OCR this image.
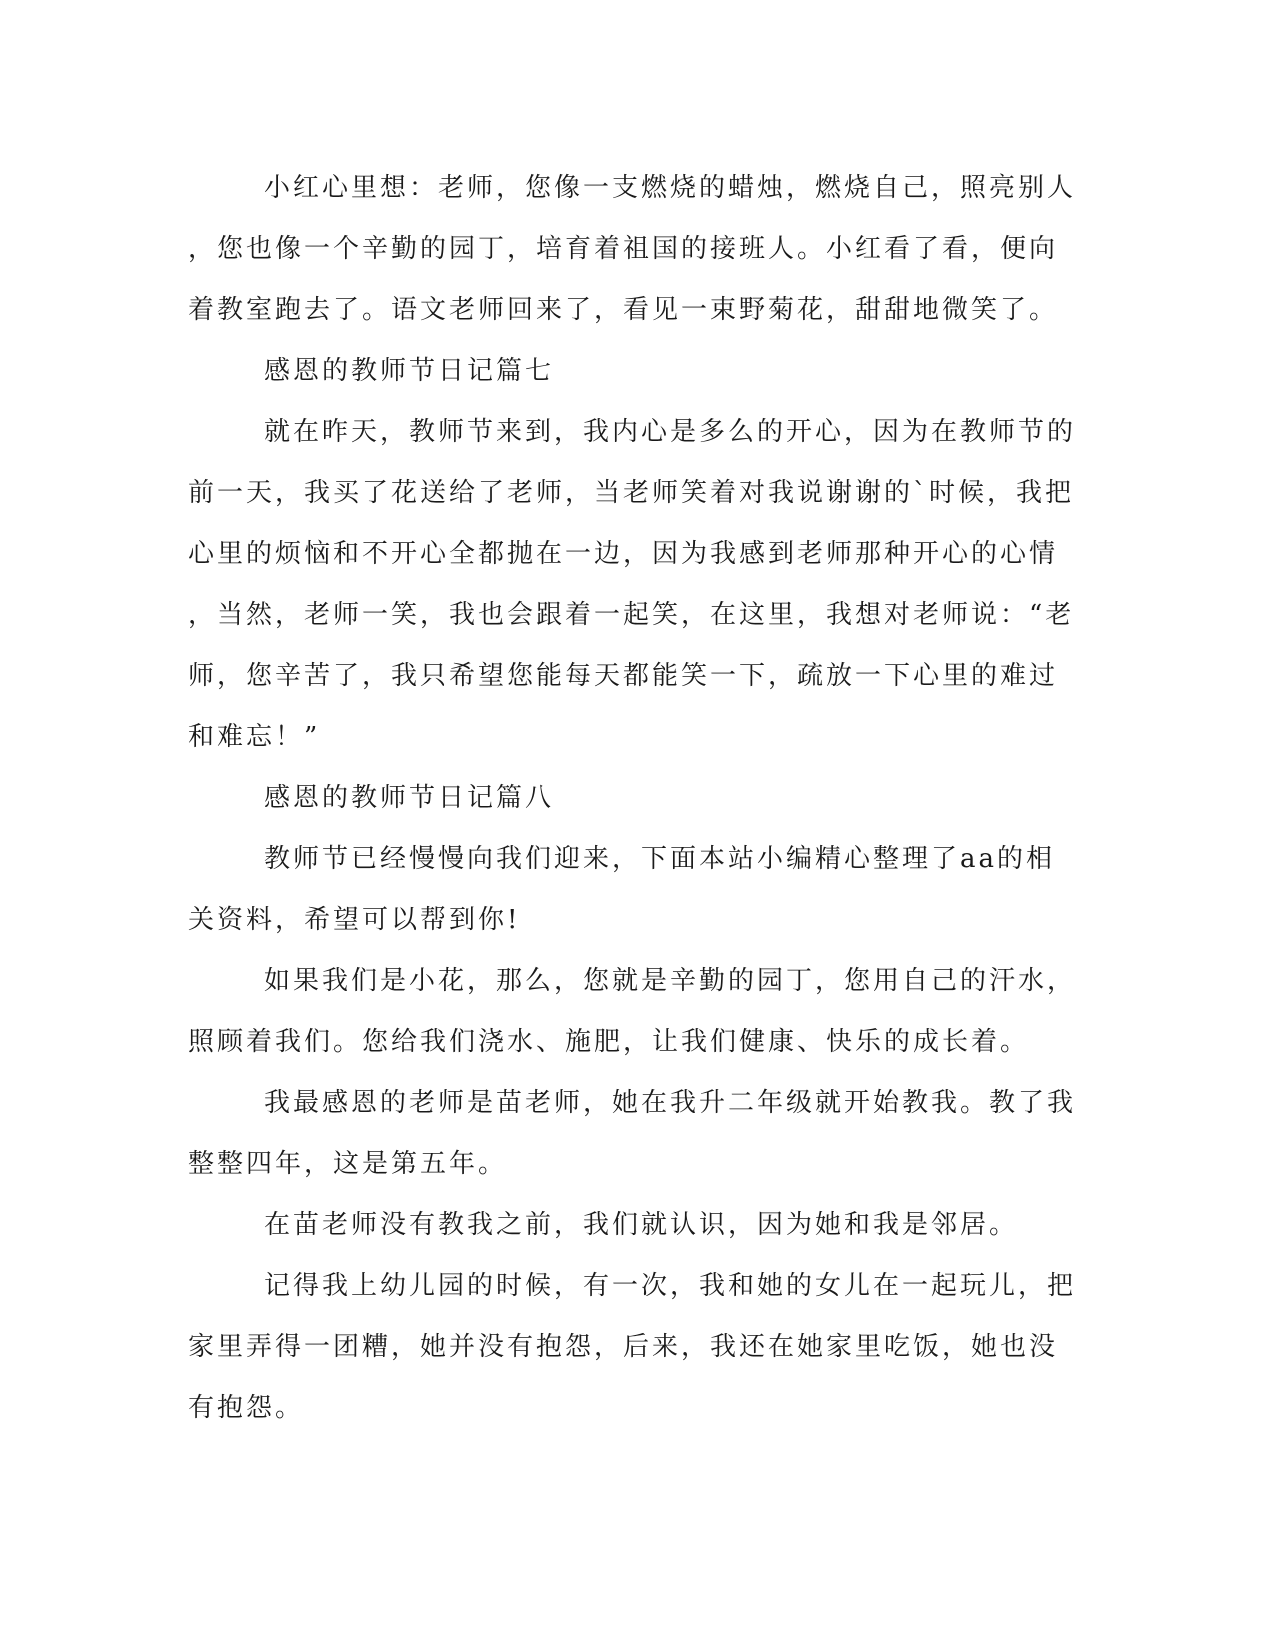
小红心里想：老师，您像一支燃烧的蜡烛，燃烧自己，照亮别人
，您也像一个辛勤的园丁，培育着祖国的接班人。小红看了看，便向
着教室跑去了。语文老师回来了，看见一束野菊花，甜甜地微笑了。
感恩的教师节日记篇七
就在昨天，教师节来到，我内心是多么的开心，因为在教师节的
前一天，我买了花送给了老师，当老师笑着对我说谢谢的`时候，我把
心里的烦恼和不开心全都抛在一边，因为我感到老师那种开心的心情
，当然，老师一笑，我也会跟着一起笑，在这里，我想对老师说：“老
师，您辛苦了，我只希望您能每天都能笑一下，疏放一下心里的难过
和难忘！”
感恩的教师节日记篇八
教师节已经慢慢向我们迎来，下面本站小编精心整理了aa的相
关资料，希望可以帮到你!
如果我们是小花，那么，您就是辛勤的园丁，您用自己的汗水，
照顾着我们。您给我们浇水、施肥，让我们健康、快乐的成长着。
我最感恩的老师是苗老师，她在我升二年级就开始教我。教了我
整整四年，这是第五年。
在苗老师没有教我之前，我们就认识，因为她和我是邻居。
记得我上幼儿园的时候，有一次，我和她的女儿在一起玩儿，把
家里弄得一团糟，她并没有抱怨，后来，我还在她家里吃饭，她也没
有抱怨。
